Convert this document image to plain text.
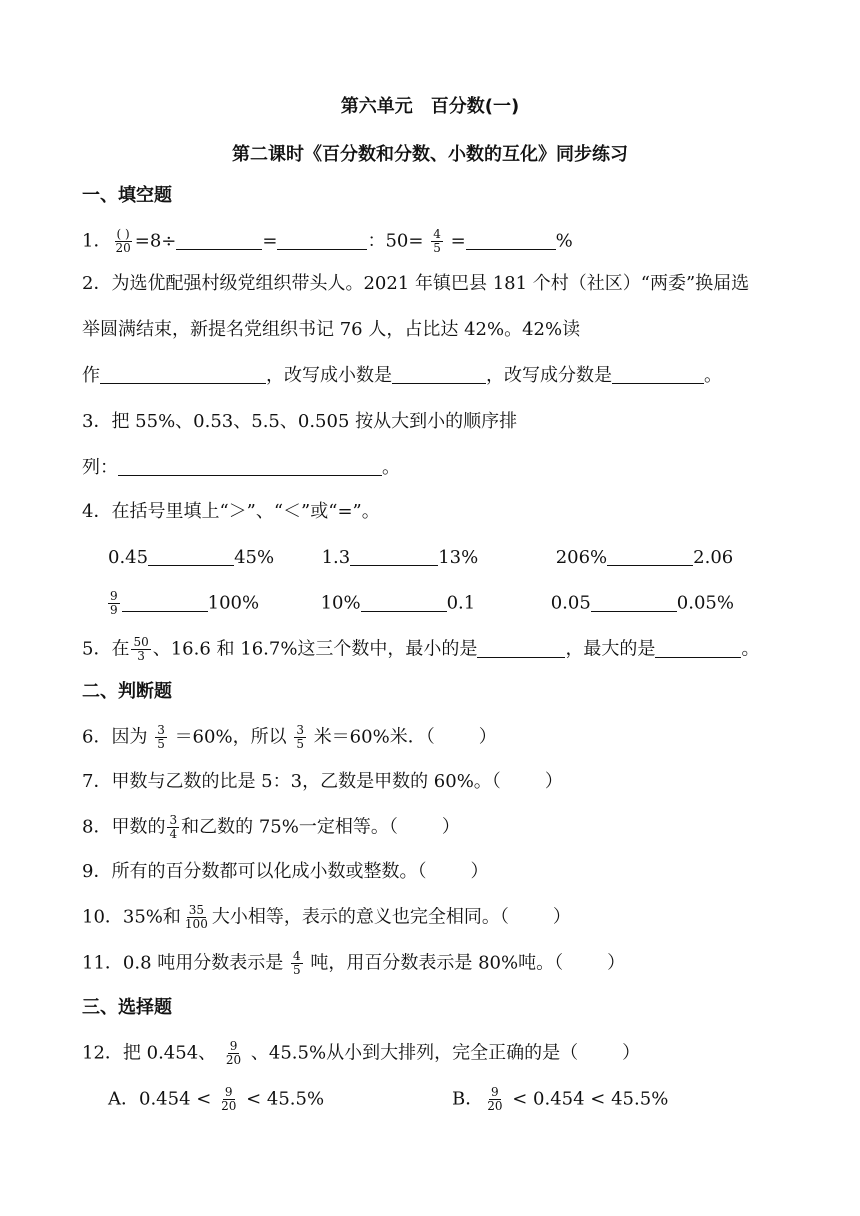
第六单元　百分数(一)
第二课时《百分数和分数、小数的互化》同步练习
一、填空题
1． $\frac{( )}{20} =8\div$	=	：$50= \frac{4}{5}$ =	%
2．为选优配强村级党组织带头人。2021 年镇巴县 181 个村（社区）“两委”换届选
举圆满结束，新提名党组织书记 76 人，占比达 42%。42%读
作	，改写成小数是	，改写成分数是	。
3．把 55%、0.53、5.5、0.505 按从大到小的顺序排
列：	。
4．在括号里填上“＞”、“＜”或“=”。
0.45	45%	1.3	13%	206%	2.06
$\frac{9}{9}$	100%	10%	0.1	0.05	0.05%
5．在 $\frac{50}{3}$ 、16.6 和 16.7%这三个数中，最小的是	，最大的是	。
二、判断题
6．因为 $\frac{3}{5} =60\%$，所以 $\frac{3}{5}$ 米＝60%米．（ ）
7．甲数与乙数的比是 5：3，乙数是甲数的 60%。（ ）
8．甲数的 $\frac{3}{4}$ 和乙数的 75%一定相等。（ ）
9．所有的百分数都可以化成小数或整数。（ ）
10．35%和 $\frac{35}{100}$ 大小相等，表示的意义也完全相同。（ ）
11．0.8 吨用分数表示是 $\frac{4}{5}$ 吨，用百分数表示是 80%吨。（ ）
三、选择题
12．把 0.454、 $\frac{9}{20}$ 、45.5%从小到大排列，完全正确的是（ ）
A．$0.454 < \frac{9}{20} < 45.5\%$	B． $\frac{9}{20} < 0.454 < 45.5\%$
